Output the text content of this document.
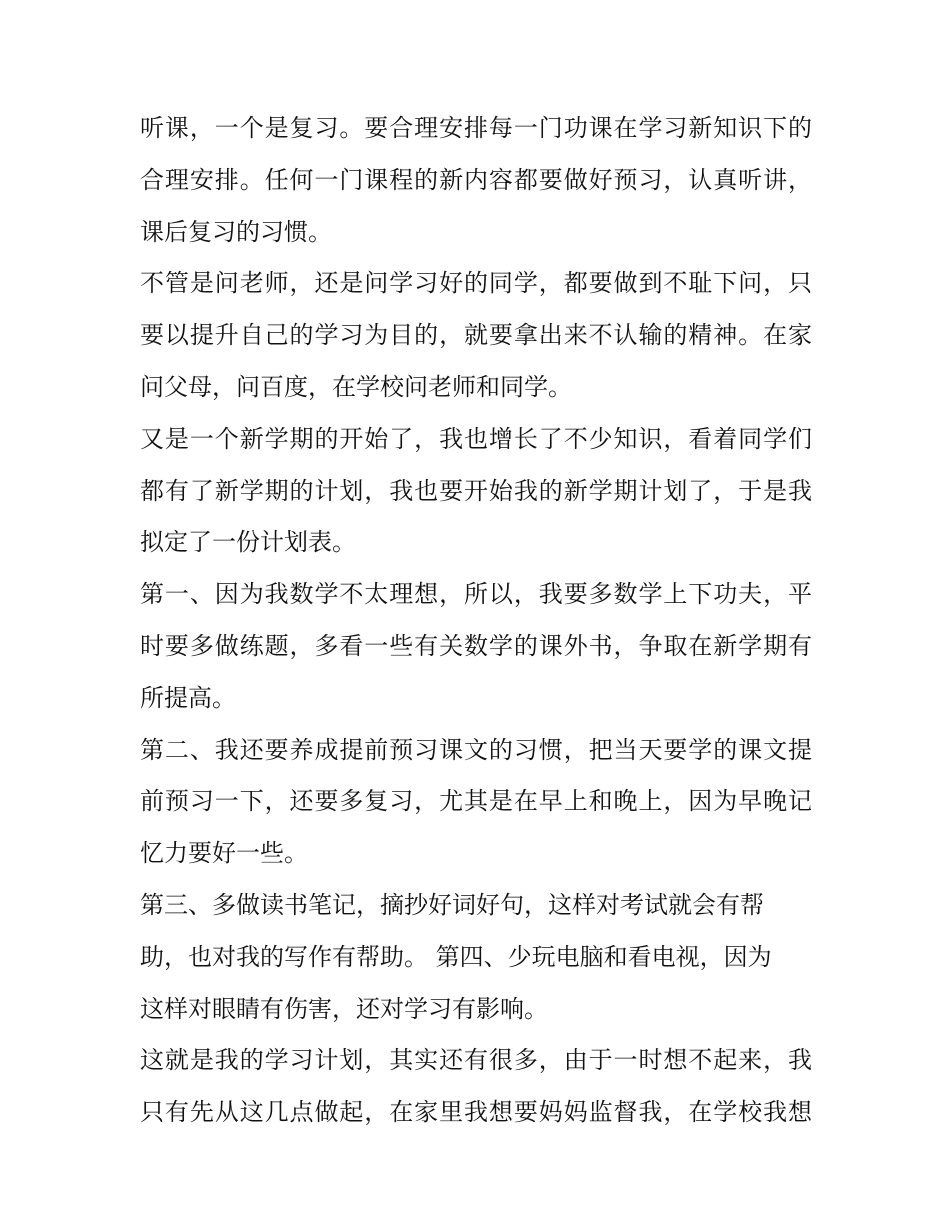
听课，一个是复习。要合理安排每一门功课在学习新知识下的
合理安排。任何一门课程的新内容都要做好预习，认真听讲，
课后复习的习惯。
不管是问老师，还是问学习好的同学，都要做到不耻下问，只
要以提升自己的学习为目的，就要拿出来不认输的精神。在家
问父母，问百度，在学校问老师和同学。
又是一个新学期的开始了，我也增长了不少知识，看着同学们
都有了新学期的计划，我也要开始我的新学期计划了，于是我
拟定了一份计划表。
第一、因为我数学不太理想，所以，我要多数学上下功夫，平
时要多做练题，多看一些有关数学的课外书，争取在新学期有
所提高。
第二、我还要养成提前预习课文的习惯，把当天要学的课文提
前预习一下，还要多复习，尤其是在早上和晚上，因为早晚记
忆力要好一些。
第三、多做读书笔记，摘抄好词好句，这样对考试就会有帮
助，也对我的写作有帮助。 第四、少玩电脑和看电视，因为
这样对眼睛有伤害，还对学习有影响。
这就是我的学习计划，其实还有很多，由于一时想不起来，我
只有先从这几点做起，在家里我想要妈妈监督我，在学校我想
